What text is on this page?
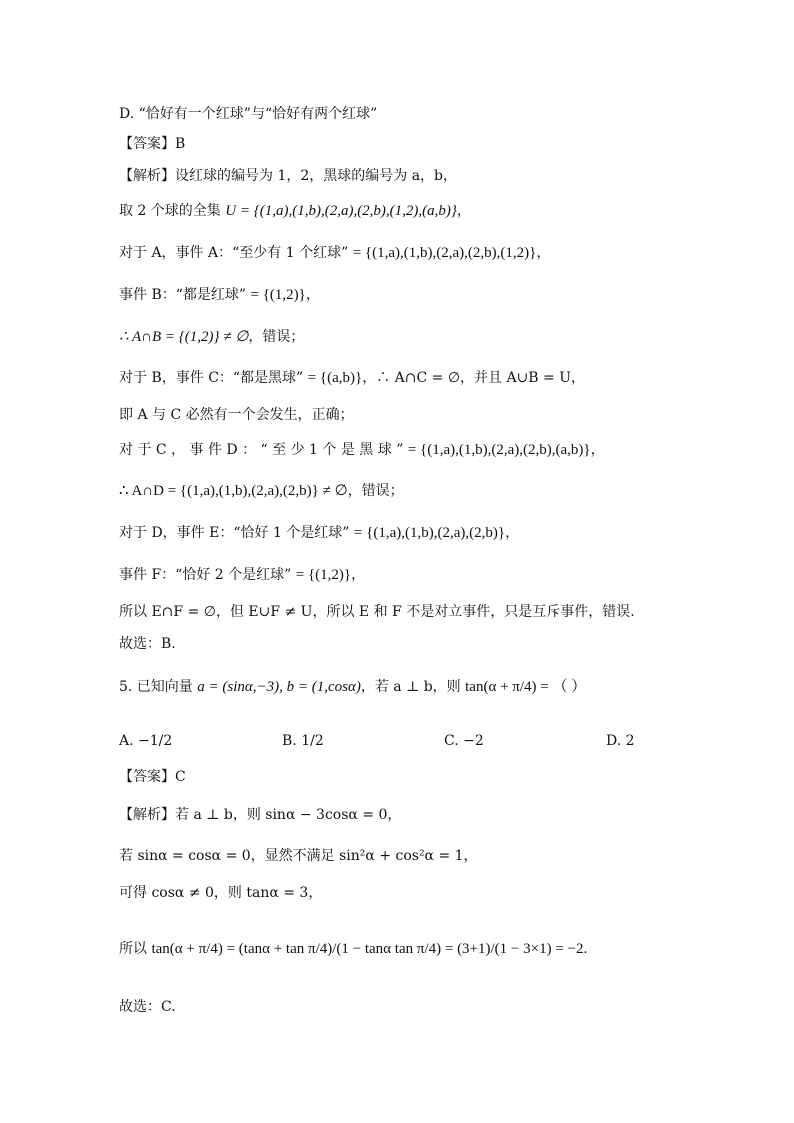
D. “恰好有一个红球”与“恰好有两个红球”
【答案】B
【解析】设红球的编号为 1，2，黑球的编号为 a，b，
取 2 个球的全集 U = {(1,a),(1,b),(2,a),(2,b),(1,2),(a,b)}，
对于 A，事件 A：“至少有 1 个红球” = {(1,a),(1,b),(2,a),(2,b),(1,2)}，
事件 B：“都是红球” = {(1,2)}，
∴ A∩B = {(1,2)} ≠ ∅，错误；
对于 B，事件 C：“都是黑球” = {(a,b)}，∴ A∩C = ∅，并且 A∪B = U，
即 A 与 C 必然有一个会发生，正确；
对 于 C ， 事 件 D ： “ 至 少 1 个 是 黑 球 ” = {(1,a),(1,b),(2,a),(2,b),(a,b)}，
∴ A∩D = {(1,a),(1,b),(2,a),(2,b)} ≠ ∅，错误；
对于 D，事件 E：“恰好 1 个是红球” = {(1,a),(1,b),(2,a),(2,b)}，
事件 F：“恰好 2 个是红球” = {(1,2)}，
所以 E∩F = ∅，但 E∪F ≠ U，所以 E 和 F 不是对立事件，只是互斥事件，错误.
故选：B.
5. 已知向量 a = (sinα,−3), b = (1,cosα)，若 a ⊥ b，则 tan(α + π/4) = （ ）
A. −1/2	B. 1/2	C. −2	D. 2
【答案】C
【解析】若 a ⊥ b，则 sinα − 3cosα = 0，
若 sinα = cosα = 0，显然不满足 sin²α + cos²α = 1，
可得 cosα ≠ 0，则 tanα = 3，
所以 tan(α + π/4) = (tanα + tan π/4)/(1 − tanα tan π/4) = (3+1)/(1 − 3×1) = −2.
故选：C.
